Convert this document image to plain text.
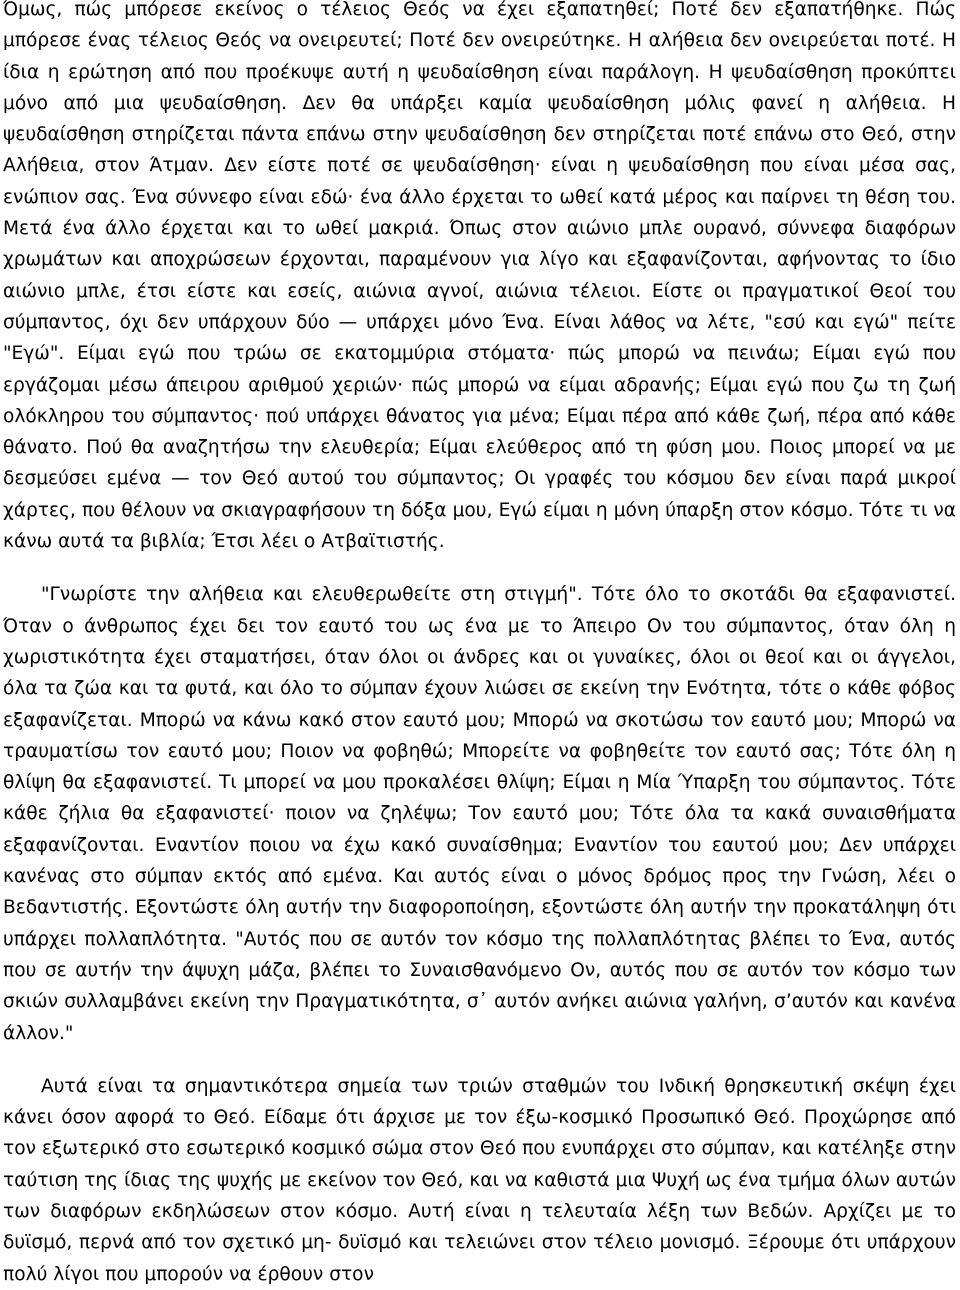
Όμως, πώς μπόρεσε εκείνος ο τέλειος Θεός να έχει εξαπατηθεί; Ποτέ δεν εξαπατήθηκε. Πώς μπόρεσε ένας τέλειος Θεός να ονειρευτεί; Ποτέ δεν ονειρεύτηκε. Η αλήθεια δεν ονειρεύεται ποτέ. Η ίδια η ερώτηση από που προέκυψε αυτή η ψευδαίσθηση είναι παράλογη. Η ψευδαίσθηση προκύπτει μόνο από μια ψευδαίσθηση. Δεν θα υπάρξει καμία ψευδαίσθηση μόλις φανεί η αλήθεια. Η ψευδαίσθηση στηρίζεται πάντα επάνω στην ψευδαίσθηση δεν στηρίζεται ποτέ επάνω στο Θεό, στην Αλήθεια, στον Άτμαν. Δεν είστε ποτέ σε ψευδαίσθηση· είναι η ψευδαίσθηση που είναι μέσα σας, ενώπιον σας. Ένα σύννεφο είναι εδώ· ένα άλλο έρχεται το ωθεί κατά μέρος και παίρνει τη θέση του. Μετά ένα άλλο έρχεται και το ωθεί μακριά. Όπως στον αιώνιο μπλε ουρανό, σύννεφα διαφόρων χρωμάτων και αποχρώσεων έρχονται, παραμένουν για λίγο και εξαφανίζονται, αφήνοντας το ίδιο αιώνιο μπλε, έτσι είστε και εσείς, αιώνια αγνοί, αιώνια τέλειοι. Είστε οι πραγματικοί Θεοί του σύμπαντος, όχι δεν υπάρχουν δύο — υπάρχει μόνο Ένα. Είναι λάθος να λέτε, "εσύ και εγώ" πείτε "Εγώ". Είμαι εγώ που τρώω σε εκατομμύρια στόματα· πώς μπορώ να πεινάω; Είμαι εγώ που εργάζομαι μέσω άπειρου αριθμού χεριών· πώς μπορώ να είμαι αδρανής; Είμαι εγώ που ζω τη ζωή ολόκληρου του σύμπαντος· πού υπάρχει θάνατος για μένα; Είμαι πέρα από κάθε ζωή, πέρα από κάθε θάνατο. Πού θα αναζητήσω την ελευθερία; Είμαι ελεύθερος από τη φύση μου. Ποιος μπορεί να με δεσμεύσει εμένα — τον Θεό αυτού του σύμπαντος; Οι γραφές του κόσμου δεν είναι παρά μικροί χάρτες, που θέλουν να σκιαγραφήσουν τη δόξα μου, Εγώ είμαι η μόνη ύπαρξη στον κόσμο. Τότε τι να κάνω αυτά τα βιβλία; Έτσι λέει ο Ατβαϊτιστής.

"Γνωρίστε την αλήθεια και ελευθερωθείτε στη στιγμή". Τότε όλο το σκοτάδι θα εξαφανιστεί. Όταν ο άνθρωπος έχει δει τον εαυτό του ως ένα με το Άπειρο Ον του σύμπαντος, όταν όλη η χωριστικότητα έχει σταματήσει, όταν όλοι οι άνδρες και οι γυναίκες, όλοι οι θεοί και οι άγγελοι, όλα τα ζώα και τα φυτά, και όλο το σύμπαν έχουν λιώσει σε εκείνη την Ενότητα, τότε ο κάθε φόβος εξαφανίζεται. Μπορώ να κάνω κακό στον εαυτό μου; Μπορώ να σκοτώσω τον εαυτό μου; Μπορώ να τραυματίσω τον εαυτό μου; Ποιον να φοβηθώ; Μπορείτε να φοβηθείτε τον εαυτό σας; Τότε όλη η θλίψη θα εξαφανιστεί. Τι μπορεί να μου προκαλέσει θλίψη; Είμαι η Μία Ύπαρξη του σύμπαντος. Τότε κάθε ζήλια θα εξαφανιστεί· ποιον να ζηλέψω; Τον εαυτό μου; Τότε όλα τα κακά συναισθήματα εξαφανίζονται. Εναντίον ποιου να έχω κακό συναίσθημα; Εναντίον του εαυτού μου; Δεν υπάρχει κανένας στο σύμπαν εκτός από εμένα. Και αυτός είναι ο μόνος δρόμος προς την Γνώση, λέει ο Βεδαντιστής. Εξοντώστε όλη αυτήν την διαφοροποίηση, εξοντώστε όλη αυτήν την προκατάληψη ότι υπάρχει πολλαπλότητα. "Αυτός που σε αυτόν τον κόσμο της πολλαπλότητας βλέπει το Ένα, αυτός που σε αυτήν την άψυχη μάζα, βλέπει το Συναισθανόμενο Ον, αυτός που σε αυτόν τον κόσμο των σκιών συλλαμβάνει εκείνη την Πραγματικότητα, σ᾽ αυτόν ανήκει αιώνια γαλήνη, σ’αυτόν και κανένα άλλον."

Αυτά είναι τα σημαντικότερα σημεία των τριών σταθμών του Ινδική θρησκευτική σκέψη έχει κάνει όσον αφορά το Θεό. Είδαμε ότι άρχισε με τον έξω-κοσμικό Προσωπικό Θεό. Προχώρησε από τον εξωτερικό στο εσωτερικό κοσμικό σώμα στον Θεό που ενυπάρχει στο σύμπαν, και κατέληξε στην ταύτιση της ίδιας της ψυχής με εκείνον τον Θεό, και να καθιστά μια Ψυχή ως ένα τμήμα όλων αυτών των διαφόρων εκδηλώσεων στον κόσμο. Αυτή είναι η τελευταία λέξη των Βεδών. Αρχίζει με το δυϊσμό, περνά από τον σχετικό μη- δυϊσμό και τελειώνει στον τέλειο μονισμό. Ξέρουμε ότι υπάρχουν πολύ λίγοι που μπορούν να έρθουν στον
